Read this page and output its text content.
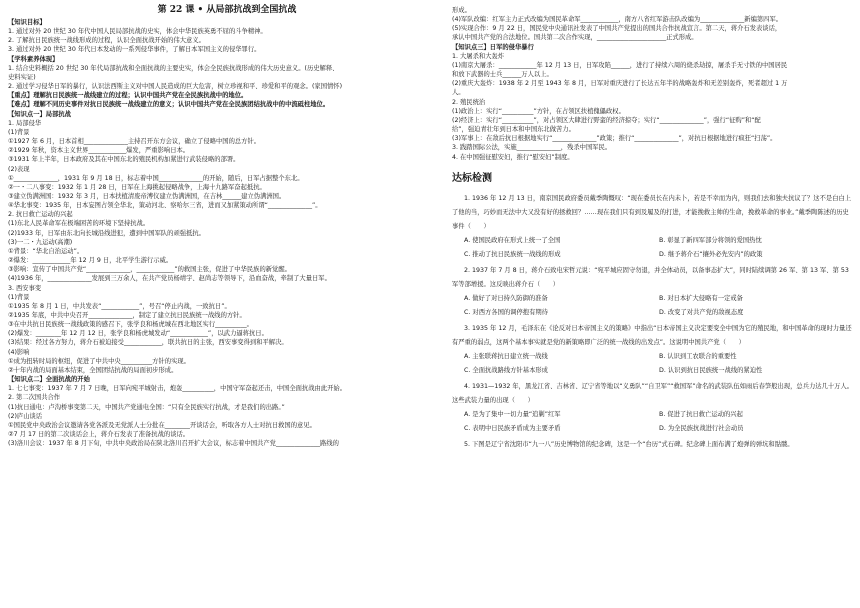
第 22 课 • 从局部抗战到全国抗战
【知识目标】
1. 通过对外 20 世纪 30 年代中国人民局部抗战的史实，体会中华民族英勇不屈的斗争精神。
2. 了解抗日民族统一战线形成的过程，认识全面抗战开始的伟大意义。
3. 通过对外 20 世纪 30 年代日本发动的一系列侵华事件，了解日本军国主义的侵华罪行。
【学科素养体现】
1. 结合史料概括 20 世纪 30 年代局部抗战和全面抗战的主要史实，体会全民族抗战形成的伟大历史意义。(历史解释、
史料实证)
2. 通过学习侵华日军的暴行，认识法西斯主义对中国人民造成的巨大危害，树立珍视和平、珍爱和平的观念。(家国情怀)
【重点】理解抗日民族统一战线建立的过程；认识中国共产党在全民族抗战中的地位。
【难点】理解不同历史事件对抗日民族统一战线建立的意义；认识中国共产党在全民族团结抗战中的中流砥柱地位。
【知识点一】局部抗战
1. 局部侵华
(1)背景
①1927 年 6 月，日本首相______________主持召开东方会议，确立了侵略中国的总方针。
②1929 年秋，资本主义世界____________爆发，严重影响日本。
③1931 年上半年，日本政府及其在中国东北的殖民机构加紧进行武装侵略的部署。
(2)表现
①______________，1931 年 9 月 18 日，标志着中国______________的开始，随后，日军占据整个东北。
②一・二八事变：1932 年 1 月 28 日，日军在上海挑起侵略战争，上海十九路军奋起抵抗。
③建立伪满洲国：1932 年 3 月，日本扶植清废帝溥仪建立伪满洲国，在吉林______建立伪满洲国。
④华北事变：1935 年，日本妄图占领全华北，策动河北、察哈尔三省，进而又加紧策动所谓“______________”。
2. 抗日救亡运动的兴起
(1)东北人民革命军在极端困苦的环境下坚持抗战。
(2)1933 年，日军由东北向长城沿线进犯，遭到中国军队的顽强抵抗。
(3)一二・九运动(高潮)
①背景：“华北自治运动”。
②爆发：____________年 12 月 9 日，北平学生游行示威。
③影响：宣传了中国共产党“______________，____________”的救国主张，促进了中华民族的新觉醒。
(4)1936 年，______________发展到三万余人，在共产党员杨靖宇、赵尚志等领导下，沿血奋战，牵制了大量日军。
3. 西安事变
(1)背景
①1935 年 8 月 1 日，中共发表“____________”，号召“停止内战，一致抗日”。
②1935 年底，中共中央召开______________，制定了建立抗日民族统一战线的方针。
③在中共抗日民族统一战线政策的感召下，张学良和杨虎城在西北地区实行__________。
(2)爆发：________年 12 月 12 日，张学良和杨虎城发动“____________”，以武力逼蒋抗日。
(3)结果：经过各方努力，蒋介石被迫接受____________，联共抗日的主张，西安事变得到和平解决。
(4)影响
①成为扭转时局的枢纽，促进了中共中央__________方针的实现。
②十年内战的局面基本结束，全国团结抗战的局面初步形成。
【知识点二】全面抗战的开始
1. 七七事变：1937 年 7 月 7 日晚，日军向宛平城射击，炮轰__________，中国守军奋起还击，中国全面抗战由此开始。
2. 第二次国共合作
(1)抗日通电：卢沟桥事变第二天，中国共产党通电全国：“只有全民族实行抗战，才是我们的出路。”
(2)庐山谈话
①国民党中央政治会议邀请各党各派及无党派人士分批在________开谈话会，听取各方人士对抗日救国的意见。
②7 月 17 日的第二次谈话会上，蒋介石发表了准备抗战的谈话。
(3)洛川会议：1937 年 8 月下旬，中共中央政治局在陕北洛川召开扩大会议，标志着中国共产党______________路线的
形成。
(4)军队改编：红军主力正式改编为国民革命军____________，南方八省红军游击队改编为______________新编第四军。
(5)实现合作：9 月 22 日，国民党中央通讯社发表了中国共产党提出的国共合作抗战宣言。第二天，蒋介石发表谈话，
承认中国共产党的合法地位。国共第二次合作实现，______________________正式形成。
【知识点三】日军的侵华暴行
1. 大屠杀和大轰炸
(1)南京大屠杀：____________年 12 月 13 日，日军攻陷______，进行了持续六周的烧杀劫掠，屠杀手无寸铁的中国居民
和放下武器的士兵______万人以上。
(2)重庆大轰炸：1938 年 2 月至 1943 年 8 月，日军对重庆进行了长达五年半的战略轰炸和无差别轰炸，死者超过 1 万
人。
2. 殖民统治
(1)政治上：实行“__________”方针，在占领区扶植傀儡政权。
(2)经济上：实行“__________”，对占领区大肆进行野蛮的经济掠夺；实行“______________”，强行“征购”和“配
给”，强迫青壮年到日本和中国东北做苦力。
(3)军事上：在敌后抗日根据地实行“______________”政策；推行“______________”，对抗日根据地进行疯狂“扫荡”。
3. 践踏国际公法，实施______________，残杀中国军民。
4. 在中国强征慰安妇，推行“慰安妇”制度。
达标检测
1. 1936 年 12 月 13 日，南京国民政府委员戴季陶慨叹：“现在委员长在内未卜，若是不幸而为内，则我们去和独夫抗议了？这不是白白上了他的当，巧妙而无法中大又没有好的拯救回？……现在我们只有到及履及的打进，才能挽救主帅的生命，挽救革命的事业。”戴季陶陈述的历史事件（　　）
A. 使国民政府在形式上统一了全国	B. 彰显了新四军部分将领的爱国热忱
C. 推动了抗日民族统一战线的形成	D. 继予蒋介石“攘外必先安内”的政策
2. 1937 年 7 月 8 日，蒋介石致电宋哲元说：“宛平城应固守勿退，并全体动员，以备事态扩大”，同时陆续调第 26 军、第 13 军、第 53 军等部增援。这反映出蒋介石（　　）
A. 做好了对日持久防御的准备	B. 对日本扩大侵略有一定戒备
C. 对西方各国的调停抱有期待	D. 改变了对共产党的敌视态度
3. 1935 年 12 月，毛泽东在《论反对日本帝国主义的策略》中指出“日本帝国主义决定要变全中国为它的殖民地，和中国革命的现时力量还有严重的弱点，这两个基本事实就是党的新策略即广泛的统一战线的出发点”。这说明中国共产党（　　）
A. 主张联蒋抗日建立统一战线	B. 认识到工农联合的重要性
C. 全面抗战路线方针基本形成	D. 认识到抗日民族统一战线的紧迫性
4. 1931—1932 年，黑龙江省、吉林省、辽宁省等地以“义勇队”“自卫军”“救国军”命名的武装队伍如雨后春笋般出现，总兵力达几十万人。这些武装力量的出现（　　）
A. 是为了集中一切力量“追剿”红军	B. 促进了抗日救亡运动的兴起
C. 表明中日民族矛盾成为主要矛盾	D. 为全民族抗战进行社会动员
5. 下图是辽宁省沈阳市“九一八”历史博物馆的纪念碑，这是一个“台历”式石碑。纪念碑上面布满了炮弹的弹坑和骷髅。
